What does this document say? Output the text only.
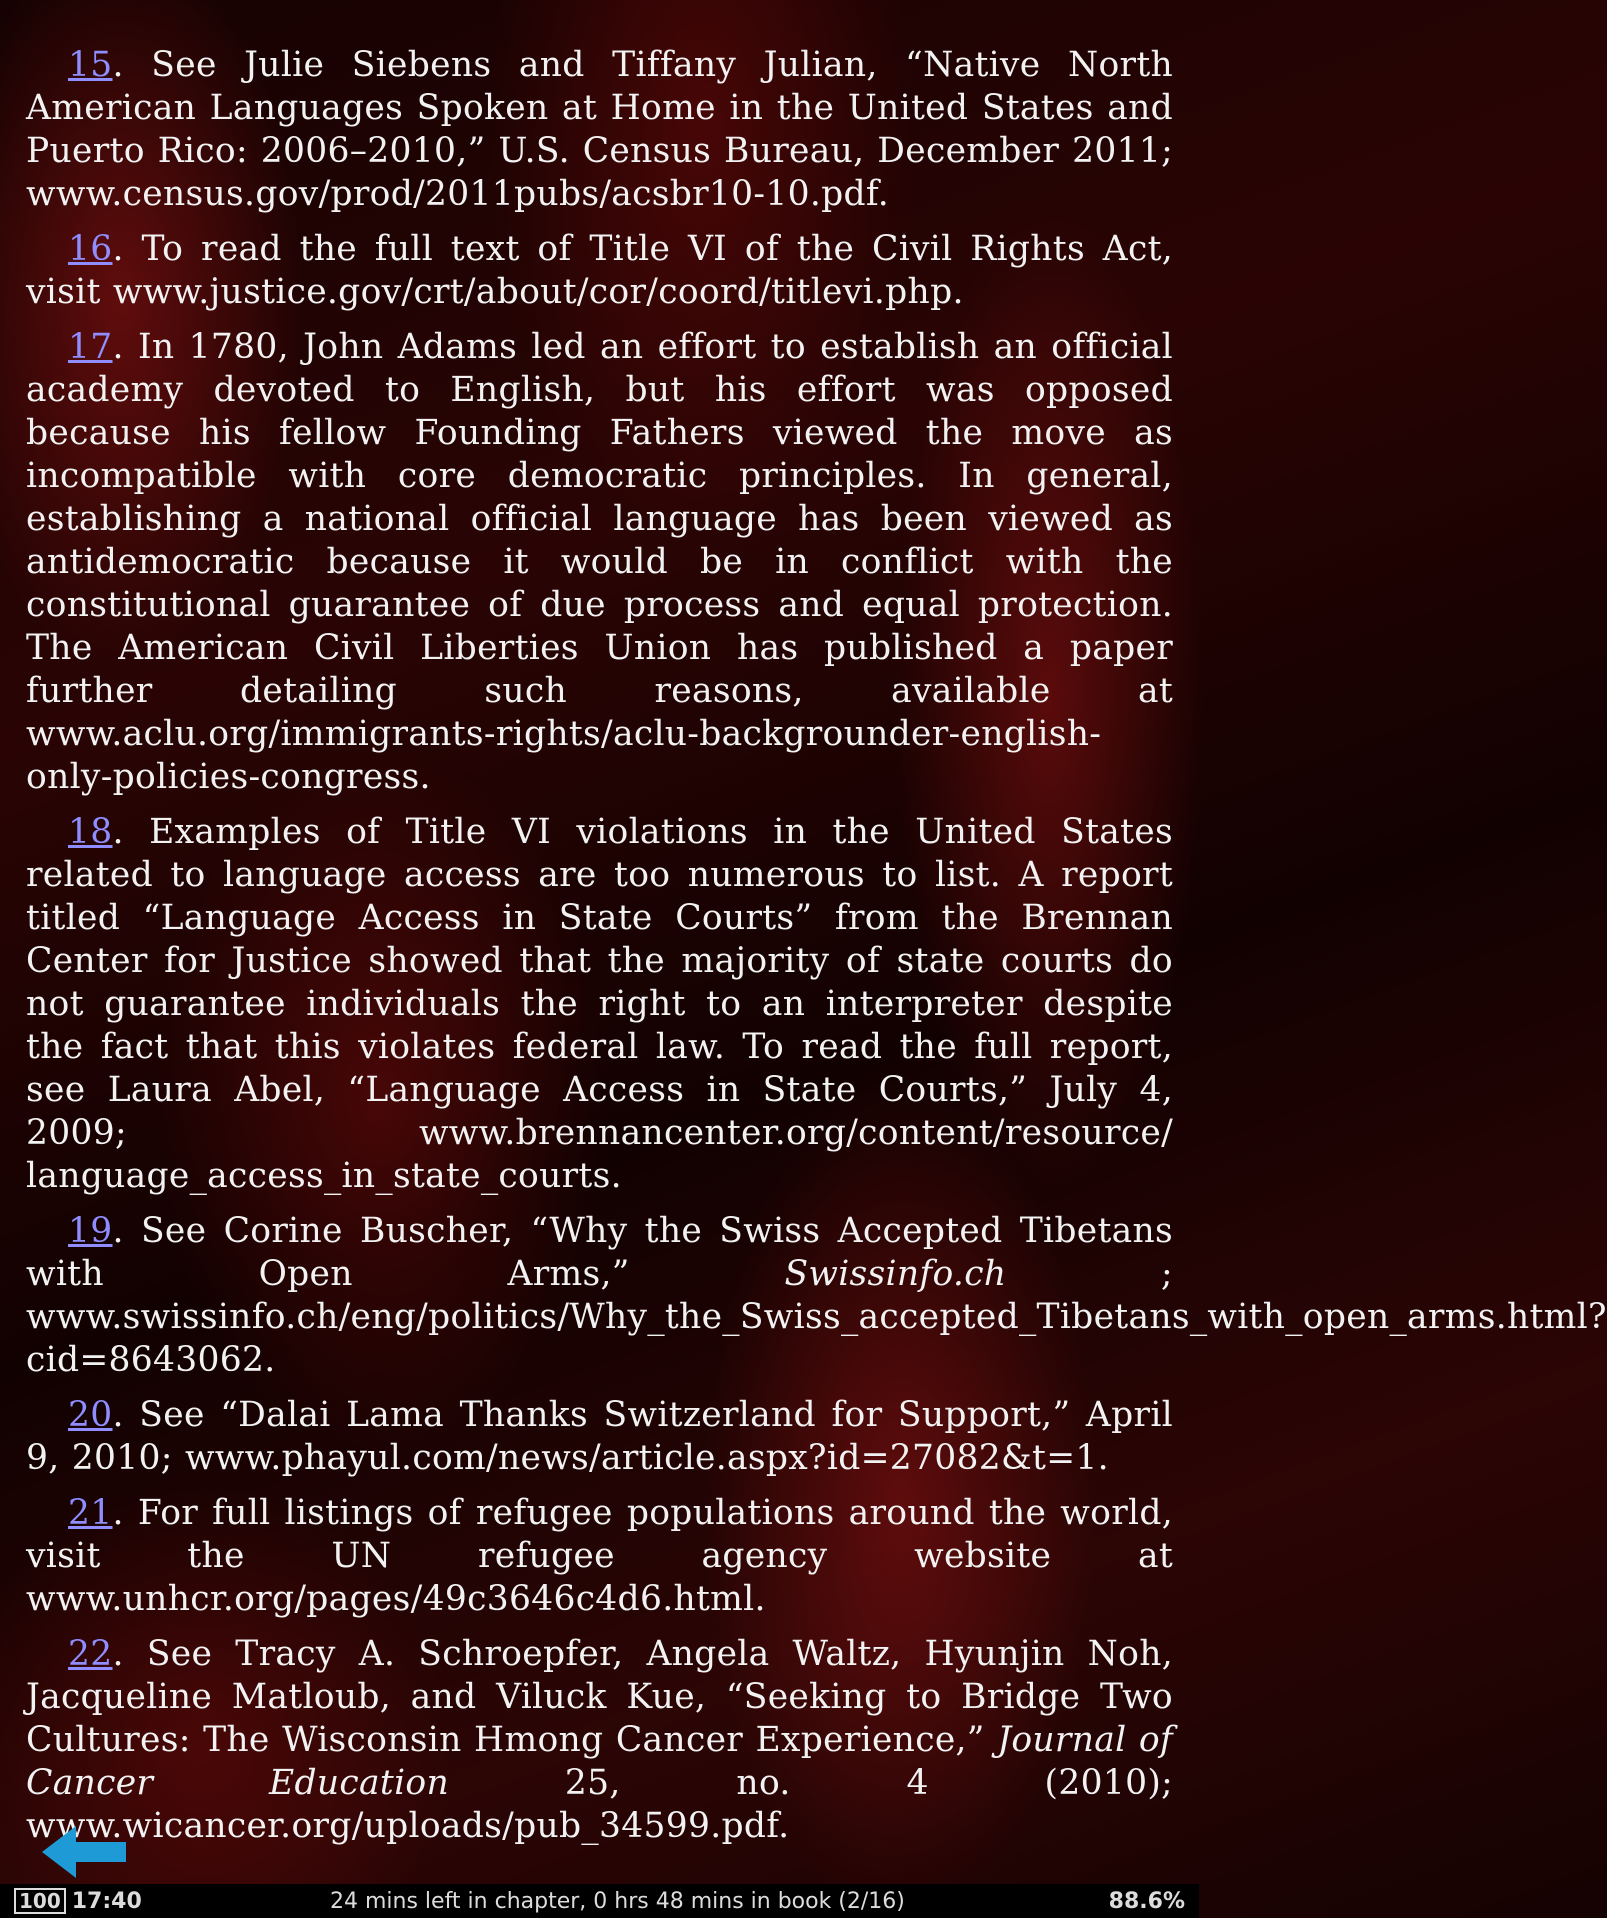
15. See Julie Siebens and Tiffany Julian, “Native North American Languages Spoken at Home in the United States and Puerto Rico: 2006–2010,” U.S. Census Bureau, December 2011; www.census.gov/prod/2011pubs/acsbr10-10.pdf.

16. To read the full text of Title VI of the Civil Rights Act, visit www.justice.gov/crt/about/cor/coord/titlevi.php.

17. In 1780, John Adams led an effort to establish an official academy devoted to English, but his effort was opposed because his fellow Founding Fathers viewed the move as incompatible with core democratic principles. In general, establishing a national official language has been viewed as antidemocratic because it would be in conflict with the constitutional guarantee of due process and equal protection. The American Civil Liberties Union has published a paper further detailing such reasons, available at www.aclu.org/immigrants-rights/aclu-backgrounder-english-only-policies-congress.

18. Examples of Title VI violations in the United States related to language access are too numerous to list. A report titled “Language Access in State Courts” from the Brennan Center for Justice showed that the majority of state courts do not guarantee individuals the right to an interpreter despite the fact that this violates federal law. To read the full report, see Laura Abel, “Language Access in State Courts,” July 4, 2009; www.brennancenter.org/content/resource/ language_access_in_state_courts.

19. See Corine Buscher, “Why the Swiss Accepted Tibetans with Open Arms,” Swissinfo.ch ; www.swissinfo.ch/eng/politics/Why_the_Swiss_accepted_Tibetans_with_open_arms.html?cid=8643062.

20. See “Dalai Lama Thanks Switzerland for Support,” April 9, 2010; www.phayul.com/news/article.aspx?id=27082&t=1.

21. For full listings of refugee populations around the world, visit the UN refugee agency website at www.unhcr.org/pages/49c3646c4d6.html.

22. See Tracy A. Schroepfer, Angela Waltz, Hyunjin Noh, Jacqueline Matloub, and Viluck Kue, “Seeking to Bridge Two Cultures: The Wisconsin Hmong Cancer Experience,” Journal of Cancer Education 25, no. 4 (2010); www.wicancer.org/uploads/pub_34599.pdf.

100 17:40	24 mins left in chapter, 0 hrs 48 mins in book (2/16)	88.6%
